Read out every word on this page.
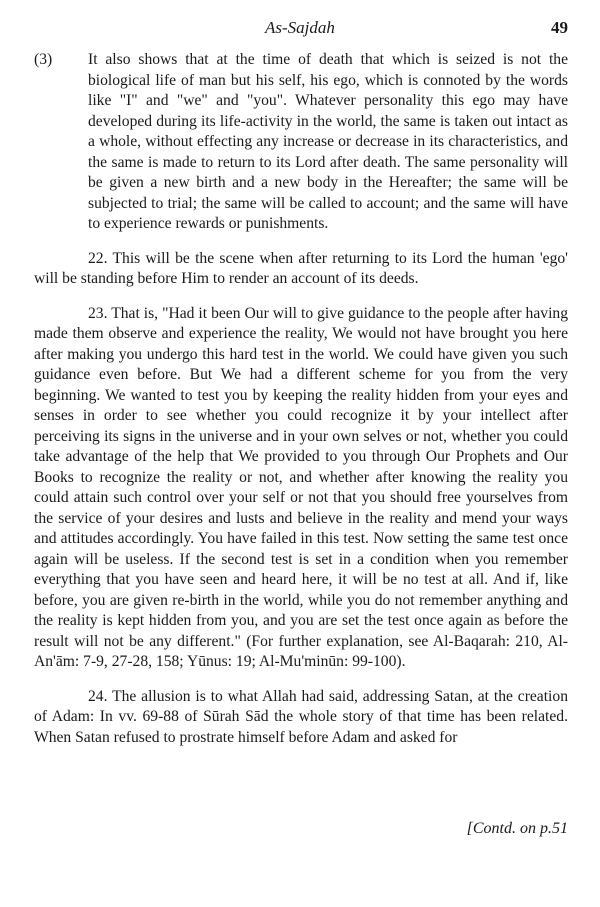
As-Sajdah	49
(3)	It also shows that at the time of death that which is seized is not the biological life of man but his self, his ego, which is connoted by the words like "I" and "we" and "you". Whatever personality this ego may have developed during its life-activity in the world, the same is taken out intact as a whole, without effecting any increase or decrease in its characteristics, and the same is made to return to its Lord after death. The same personality will be given a new birth and a new body in the Hereafter; the same will be subjected to trial; the same will be called to account; and the same will have to experience rewards or punishments.

22. This will be the scene when after returning to its Lord the human 'ego' will be standing before Him to render an account of its deeds.

23. That is, "Had it been Our will to give guidance to the people after having made them observe and experience the reality, We would not have brought you here after making you undergo this hard test in the world. We could have given you such guidance even before. But We had a different scheme for you from the very beginning. We wanted to test you by keeping the reality hidden from your eyes and senses in order to see whether you could recognize it by your intellect after perceiving its signs in the universe and in your own selves or not, whether you could take advantage of the help that We provided to you through Our Prophets and Our Books to recognize the reality or not, and whether after knowing the reality you could attain such control over your self or not that you should free yourselves from the service of your desires and lusts and believe in the reality and mend your ways and attitudes accordingly. You have failed in this test. Now setting the same test once again will be useless. If the second test is set in a condition when you remember everything that you have seen and heard here, it will be no test at all. And if, like before, you are given re-birth in the world, while you do not remember anything and the reality is kept hidden from you, and you are set the test once again as before the result will not be any different." (For further explanation, see Al-Baqarah: 210, Al-An'ām: 7-9, 27-28, 158; Yūnus: 19; Al-Mu'minūn: 99-100).

24. The allusion is to what Allah had said, addressing Satan, at the creation of Adam: In vv. 69-88 of Sūrah Sād the whole story of that time has been related. When Satan refused to prostrate himself before Adam and asked for

[Contd. on p.51
